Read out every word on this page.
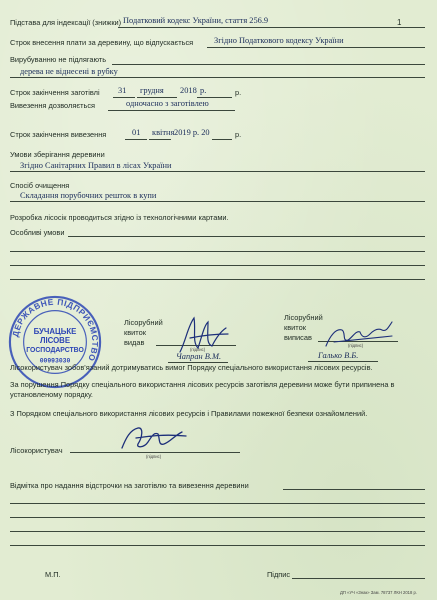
1
Підстава для індексації (знижки) Податковий кодекс України, стаття 256.9
Строк внесення плати за деревину, що відпускається Згідно Податкового кодексу України
Вирубуванню не підлягають
дерева не віднесені в рубку
Строк закінчення заготівлі 31 грудня 2018 р.	р.
Вивезення дозволяється	одночасно з заготівлею
Строк закінчення вивезення	01 квітня 2019 р. 20	р.
Умови зберігання деревини
Згідно Санітарних Правил в лісах України
Спосіб очищення
Складання порубочних решток в купи
Розробка лісосік проводиться згідно із технологічними картами.
Особливі умови
ДЕРЖАВНЕ ПІДПРИЄМСТВО
БУЧАЦЬКЕ
ЛІСОВЕ
ГОСПОДАРСТВО
00993030
Лісорубний
квиток
видав
(підпис)
Чапран В.М.
Лісорубний
квиток
виписав
(підпис)
Галько В.Б.
Лісокористувач зобов'язаний дотримуватись вимог Порядку спеціального використання лісових ресурсів.
За порушення Порядку спеціального використання лісових ресурсів заготівля деревини може бути припинена в установленому порядку.
З Порядком спеціального використання лісових ресурсів і Правилами пожежної безпеки ознайомлений.
Лісокористувач
(підпис)
Відмітка про надання відстрочки на заготівлю та вивезення деревини
М.П.	Підпис
ДП «УЧ «Знак» Зам. 78737 ЛКН 2018 р.
